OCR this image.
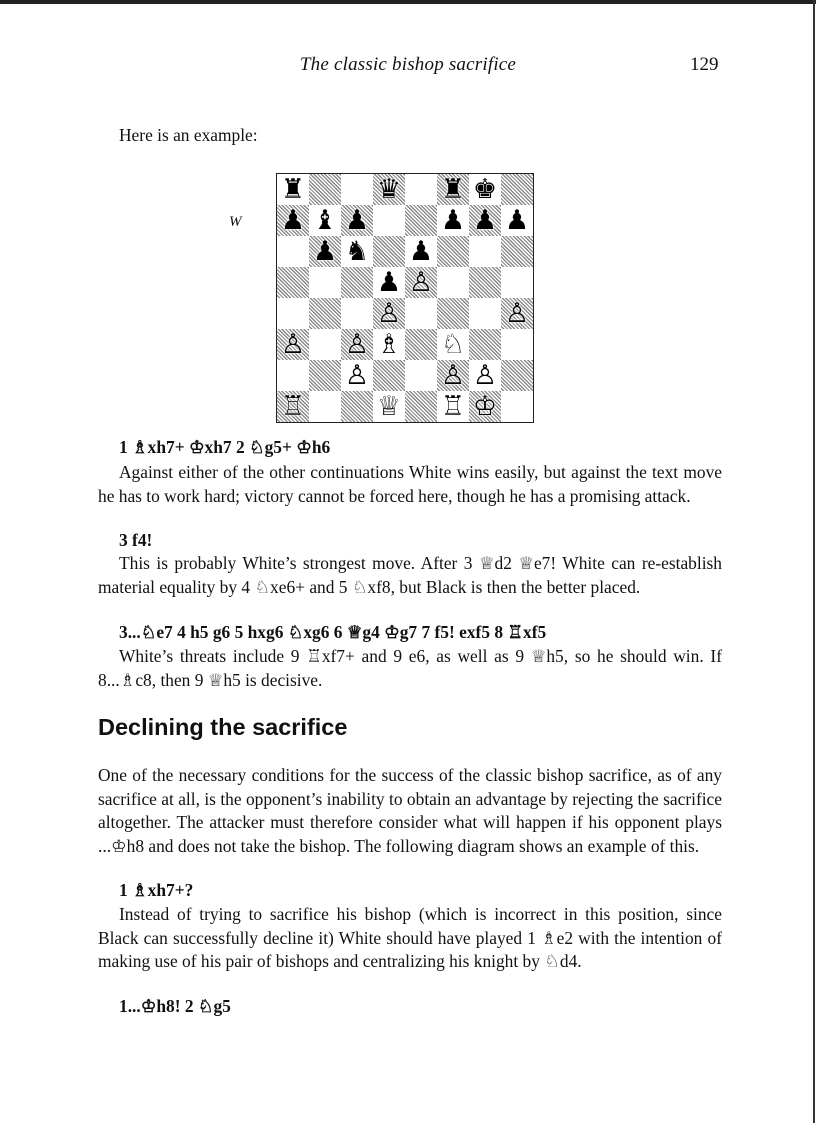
The classic bishop sacrifice	129

Here is an example:

W
♜	♛ ♜ ♚
♟ ♝ ♟	♟ ♟ ♟
♟ ♞ ♟
♟ ♙
♙	♙
♙ ♙ ♗ ♘
♙	♙ ♙
♖	♕ ♖ ♔

1 ♗xh7+ ♔xh7 2 ♘g5+ ♔h6

Against either of the other continuations White wins easily, but against the text move he has to work hard; victory cannot be forced here, though he has a promising attack.

3 f4!

This is probably White’s strongest move. After 3 ♕d2 ♕e7! White can re-establish material equality by 4 ♘xe6+ and 5 ♘xf8, but Black is then the better placed.

3...♘e7 4 h5 g6 5 hxg6 ♘xg6 6 ♕g4 ♔g7 7 f5! exf5 8 ♖xf5

White’s threats include 9 ♖xf7+ and 9 e6, as well as 9 ♕h5, so he should win. If 8...♗c8, then 9 ♕h5 is decisive.

Declining the sacrifice

One of the necessary conditions for the success of the classic bishop sacrifice, as of any sacrifice at all, is the opponent’s inability to obtain an advantage by rejecting the sacrifice altogether. The attacker must therefore consider what will happen if his opponent plays ...♔h8 and does not take the bishop. The following diagram shows an example of this.

1 ♗xh7+?

Instead of trying to sacrifice his bishop (which is incorrect in this position, since Black can successfully decline it) White should have played 1 ♗e2 with the intention of making use of his pair of bishops and centralizing his knight by ♘d4.

1...♔h8! 2 ♘g5
